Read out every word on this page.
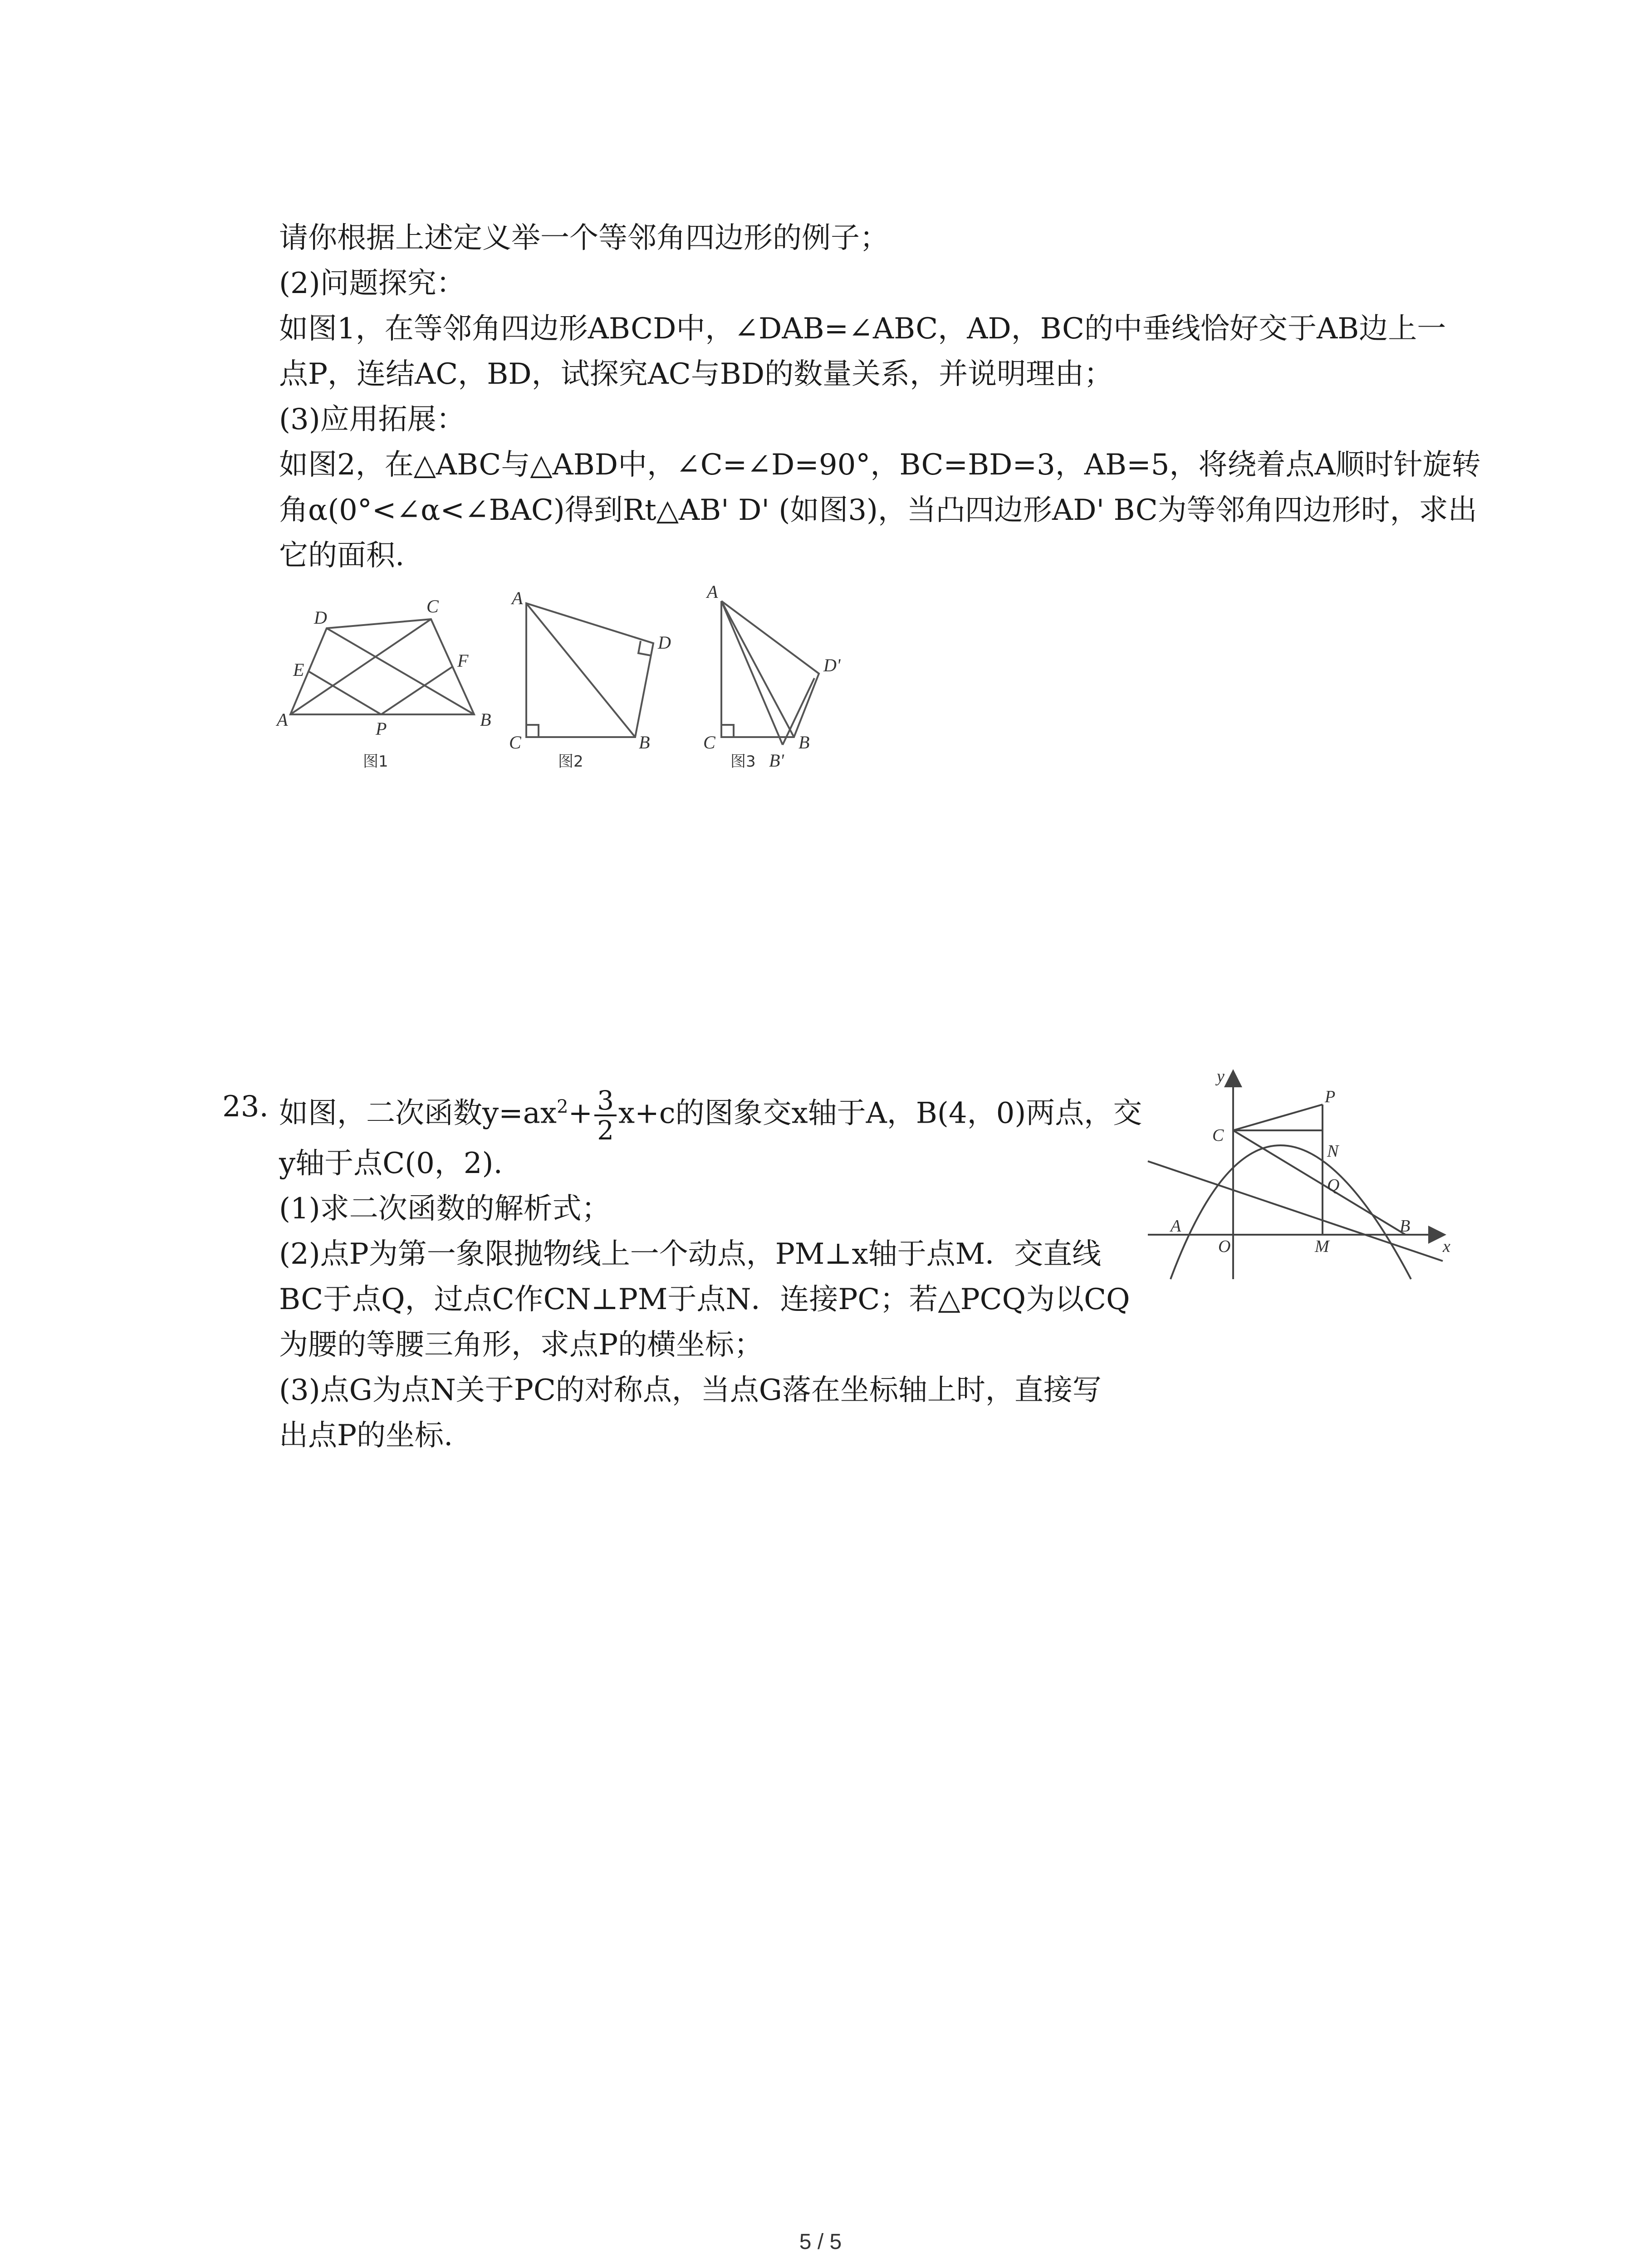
请你根据上述定义举一个等邻角四边形的例子；
(2)问题探究：
如图1，在等邻角四边形ABCD中，∠DAB=∠ABC，AD，BC的中垂线恰好交于AB边上一
点P，连结AC，BD，试探究AC与BD的数量关系，并说明理由；
(3)应用拓展：
如图2，在△ABC与△ABD中，∠C=∠D=90°，BC=BD=3，AB=5，将绕着点A顺时针旋转
角α(0°<∠α<∠BAC)得到Rt△AB' D' (如图3)，当凸四边形AD' BC为等邻角四边形时，求出
它的面积.
A	B
C
D
E	F
P
图1
A
B
C
D
图2
A
B
C
D'
B'
图3
23. 如图，二次函数$y=ax^2+ \frac{3}{2} x+c$的图象交x轴于A，B(4，0)两点，交
y轴于点C(0，2).
(1)求二次函数的解析式；
(2)点P为第一象限抛物线上一个动点，PM⊥x轴于点M．交直线
BC于点Q，过点C作CN⊥PM于点N．连接PC；若△PCQ为以CQ
为腰的等腰三角形，求点P的横坐标；
(3)点G为点N关于PC的对称点，当点G落在坐标轴上时，直接写
出点P的坐标.
y
x
P
N
C
Q
A
O	M
B
5 / 5
